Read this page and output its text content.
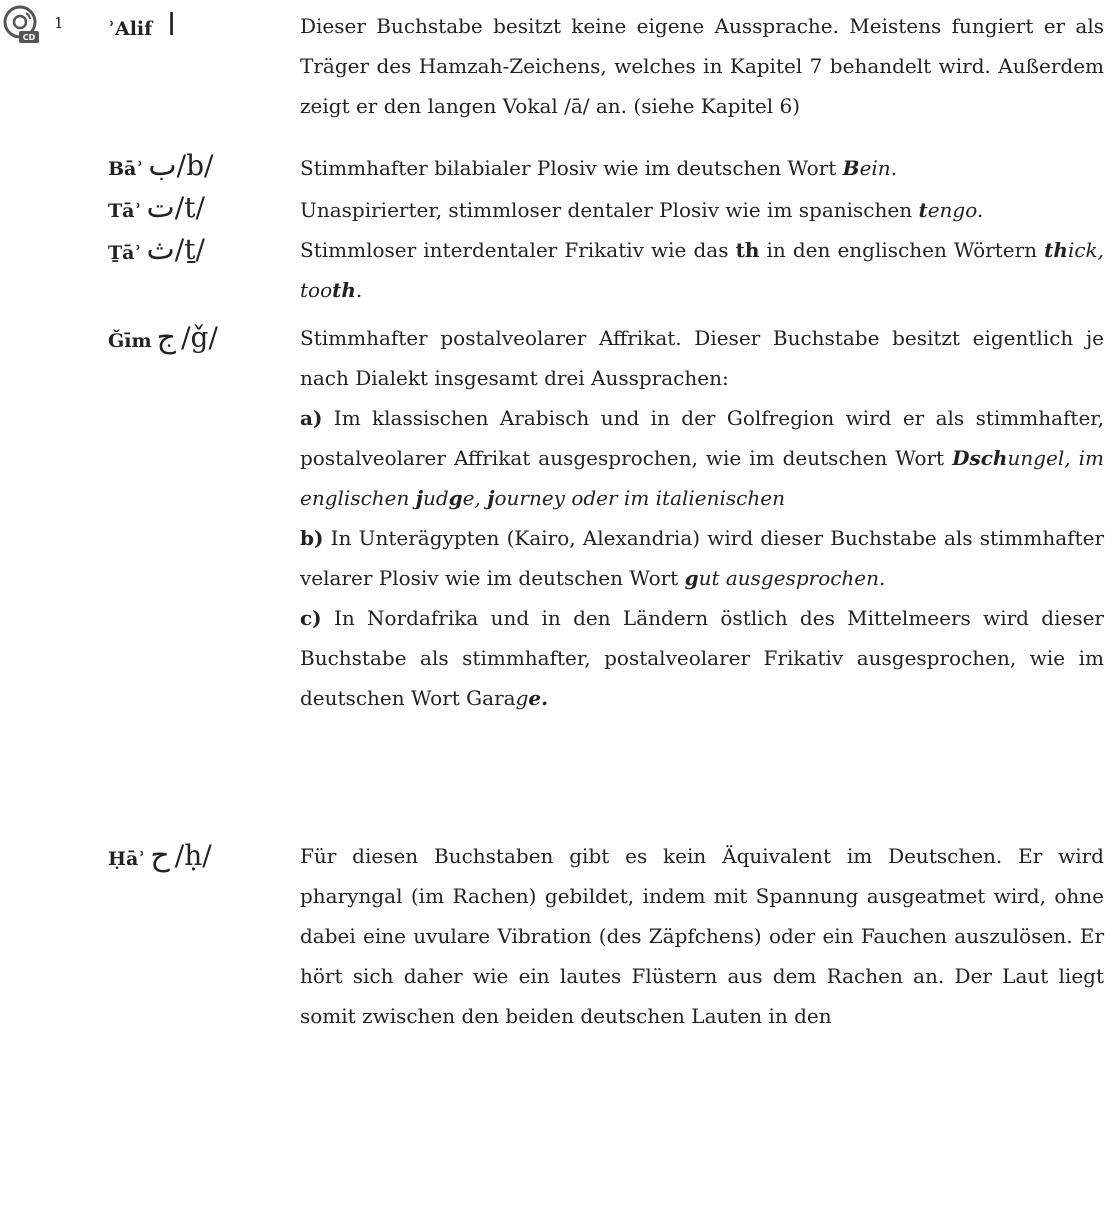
CD
1 ʾAlif ا	Dieser Buchstabe besitzt keine eigene Aussprache. Meistens fungiert er als Träger des Hamzah-Zeichens, welches in Kapitel 7 behandelt wird. Außerdem zeigt er den langen Vokal /ā/ an. (siehe Kapitel 6)

Bāʾ ب/b/	Stimmhafter bilabialer Plosiv wie im deutschen Wort Bein.

Tāʾ ت/t/	Unaspirierter, stimmloser dentaler Plosiv wie im spanischen tengo.

Ṯāʾ ث/ṯ/	Stimmloser interdentaler Frikativ wie das th in den englischen Wörtern thick, tooth.

Ǧīm ج /ǧ/	Stimmhafter postalveolarer Affrikat. Dieser Buchstabe besitzt eigentlich je nach Dialekt insgesamt drei Aussprachen:

a) Im klassischen Arabisch und in der Golfregion wird er als stimmhafter, postalveolarer Affrikat ausgesprochen, wie im deutschen Wort Dschungel, im englischen judge, journey oder im italienischen

b) In Unterägypten (Kairo, Alexandria) wird dieser Buchstabe als stimmhafter velarer Plosiv wie im deutschen Wort gut ausgesprochen.

c) In Nordafrika und in den Ländern östlich des Mittelmeers wird dieser Buchstabe als stimmhafter, postalveolarer Frikativ ausgesprochen, wie im deutschen Wort Garage.

Ḥāʾ ح /ḥ/	Für diesen Buchstaben gibt es kein Äquivalent im Deutschen. Er wird pharyngal (im Rachen) gebildet, indem mit Spannung ausgeatmet wird, ohne dabei eine uvulare Vibration (des Zäpfchens) oder ein Fauchen auszulösen. Er hört sich daher wie ein lautes Flüstern aus dem Rachen an. Der Laut liegt somit zwischen den beiden deutschen Lauten in den
